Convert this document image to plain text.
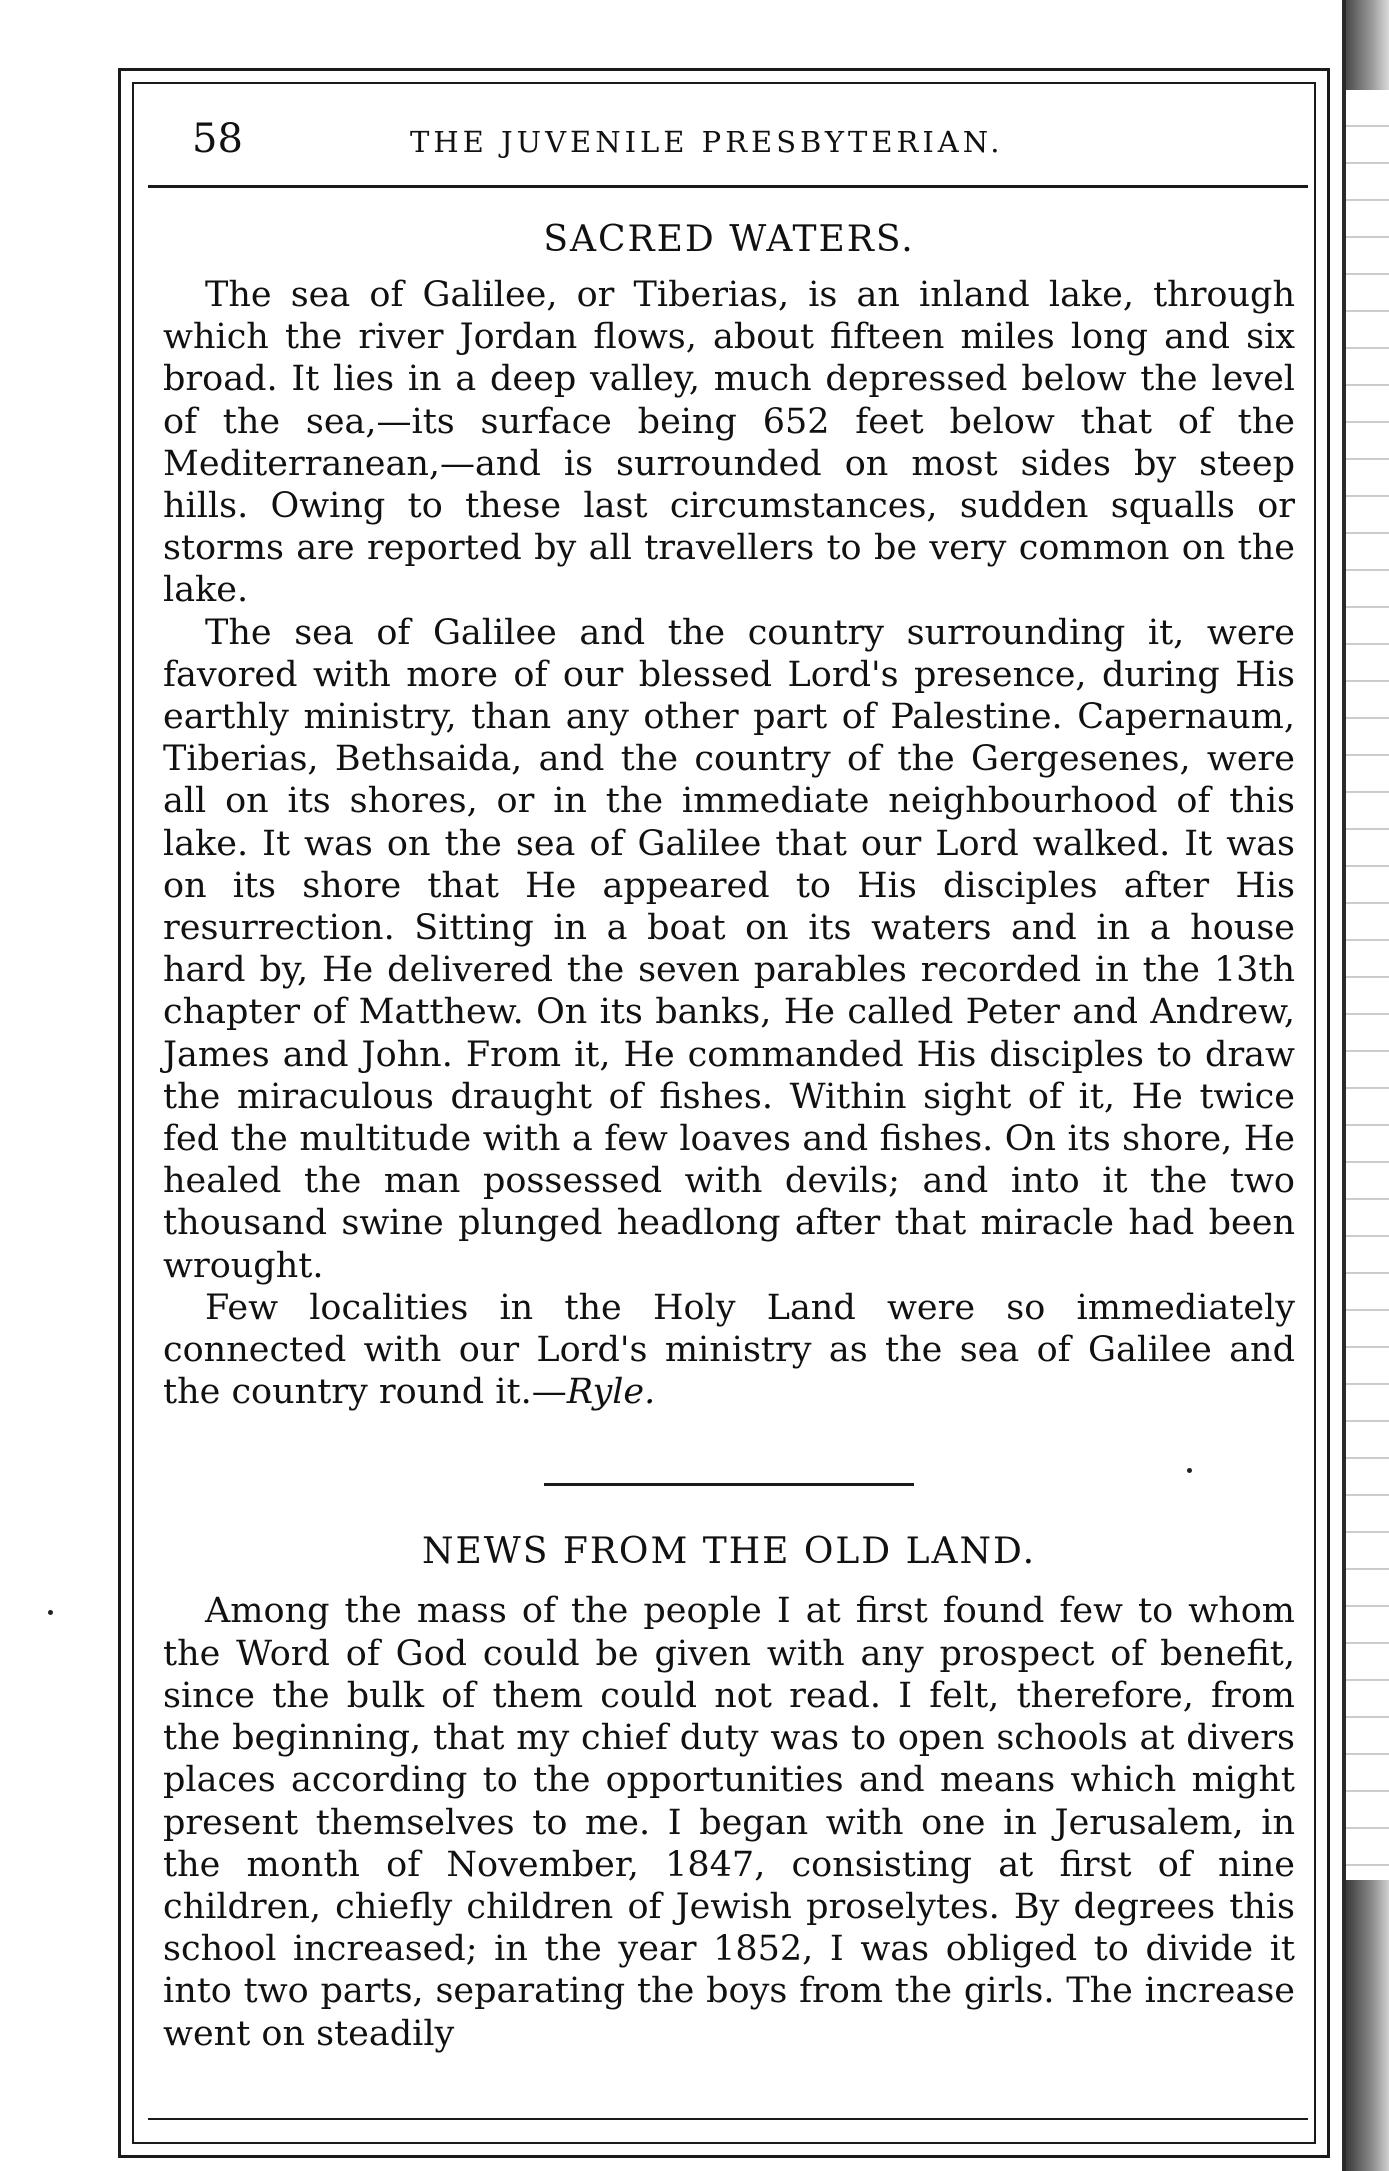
58	THE JUVENILE PRESBYTERIAN.
SACRED WATERS.

The sea of Galilee, or Tiberias, is an inland lake, through which the river Jordan flows, about fifteen miles long and six broad. It lies in a deep valley, much depressed below the level of the sea,—its surface being 652 feet below that of the Mediterranean,—and is surrounded on most sides by steep hills. Owing to these last circumstances, sudden squalls or storms are reported by all travellers to be very common on the lake.

The sea of Galilee and the country surrounding it, were favored with more of our blessed Lord's presence, during His earthly ministry, than any other part of Palestine. Capernaum, Tiberias, Bethsaida, and the country of the Gergesenes, were all on its shores, or in the immediate neighbourhood of this lake. It was on the sea of Galilee that our Lord walked. It was on its shore that He appeared to His disciples after His resurrection. Sitting in a boat on its waters and in a house hard by, He delivered the seven parables recorded in the 13th chapter of Matthew. On its banks, He called Peter and Andrew, James and John. From it, He commanded His disciples to draw the miraculous draught of fishes. Within sight of it, He twice fed the multitude with a few loaves and fishes. On its shore, He healed the man possessed with devils; and into it the two thousand swine plunged headlong after that miracle had been wrought.

Few localities in the Holy Land were so immediately connected with our Lord's ministry as the sea of Galilee and the country round it.—Ryle.

NEWS FROM THE OLD LAND.

Among the mass of the people I at first found few to whom the Word of God could be given with any prospect of benefit, since the bulk of them could not read. I felt, therefore, from the beginning, that my chief duty was to open schools at divers places according to the opportunities and means which might present themselves to me. I began with one in Jerusalem, in the month of November, 1847, consisting at first of nine children, chiefly children of Jewish proselytes. By degrees this school increased; in the year 1852, I was obliged to divide it into two parts, separating the boys from the girls. The increase went on steadily
